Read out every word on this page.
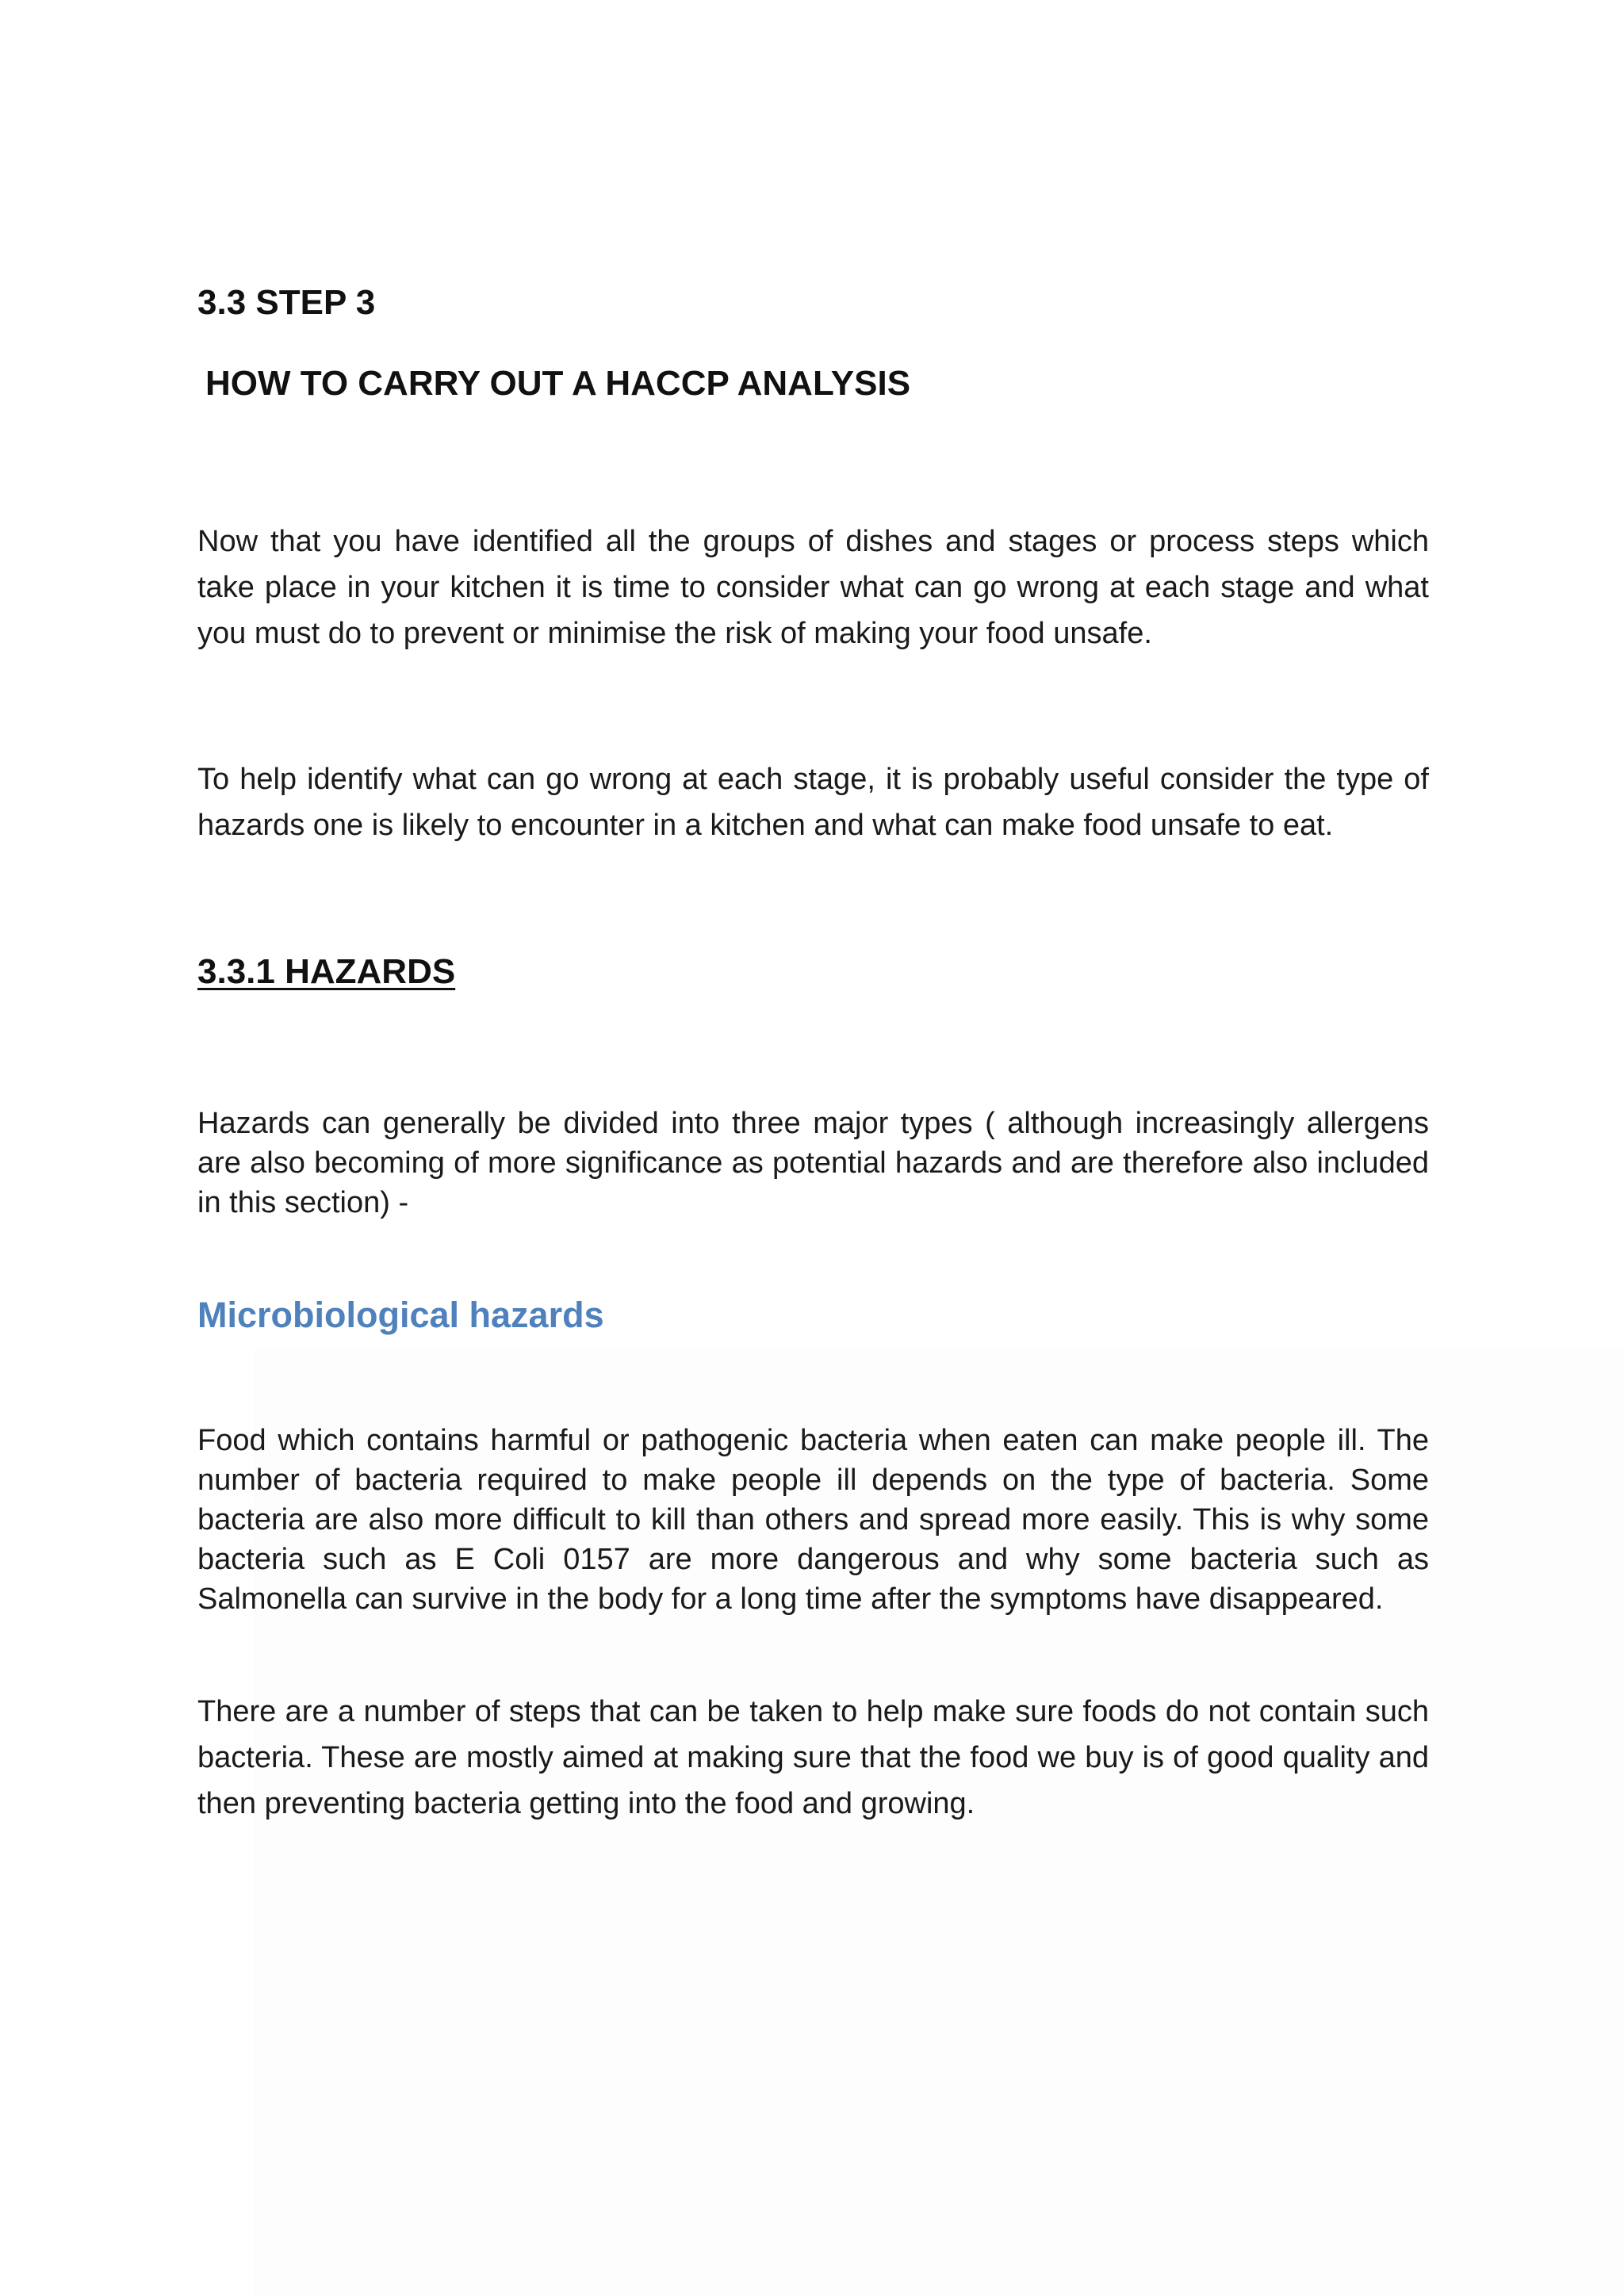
3.3 STEP 3
HOW TO CARRY OUT A HACCP ANALYSIS

Now that you have identified all the groups of dishes and stages or process steps which take place in your kitchen it is time to consider what can go wrong at each stage and what you must do to prevent or minimise the risk of making your food unsafe.

To help identify what can go wrong at each stage, it is probably useful consider the type of hazards one is likely to encounter in a kitchen and what can make food unsafe to eat.

3.3.1 HAZARDS

Hazards can generally be divided into three major types ( although increasingly allergens are also becoming of more significance as potential hazards and are therefore also included in this section) -

Microbiological hazards

Food which contains harmful or pathogenic bacteria when eaten can make people ill. The number of bacteria required to make people ill depends on the type of bacteria. Some bacteria are also more difficult to kill than others and spread more easily. This is why some bacteria such as E Coli 0157 are more dangerous and why some bacteria such as Salmonella can survive in the body for a long time after the symptoms have disappeared.

There are a number of steps that can be taken to help make sure foods do not contain such bacteria. These are mostly aimed at making sure that the food we buy is of good quality and then preventing bacteria getting into the food and growing.
